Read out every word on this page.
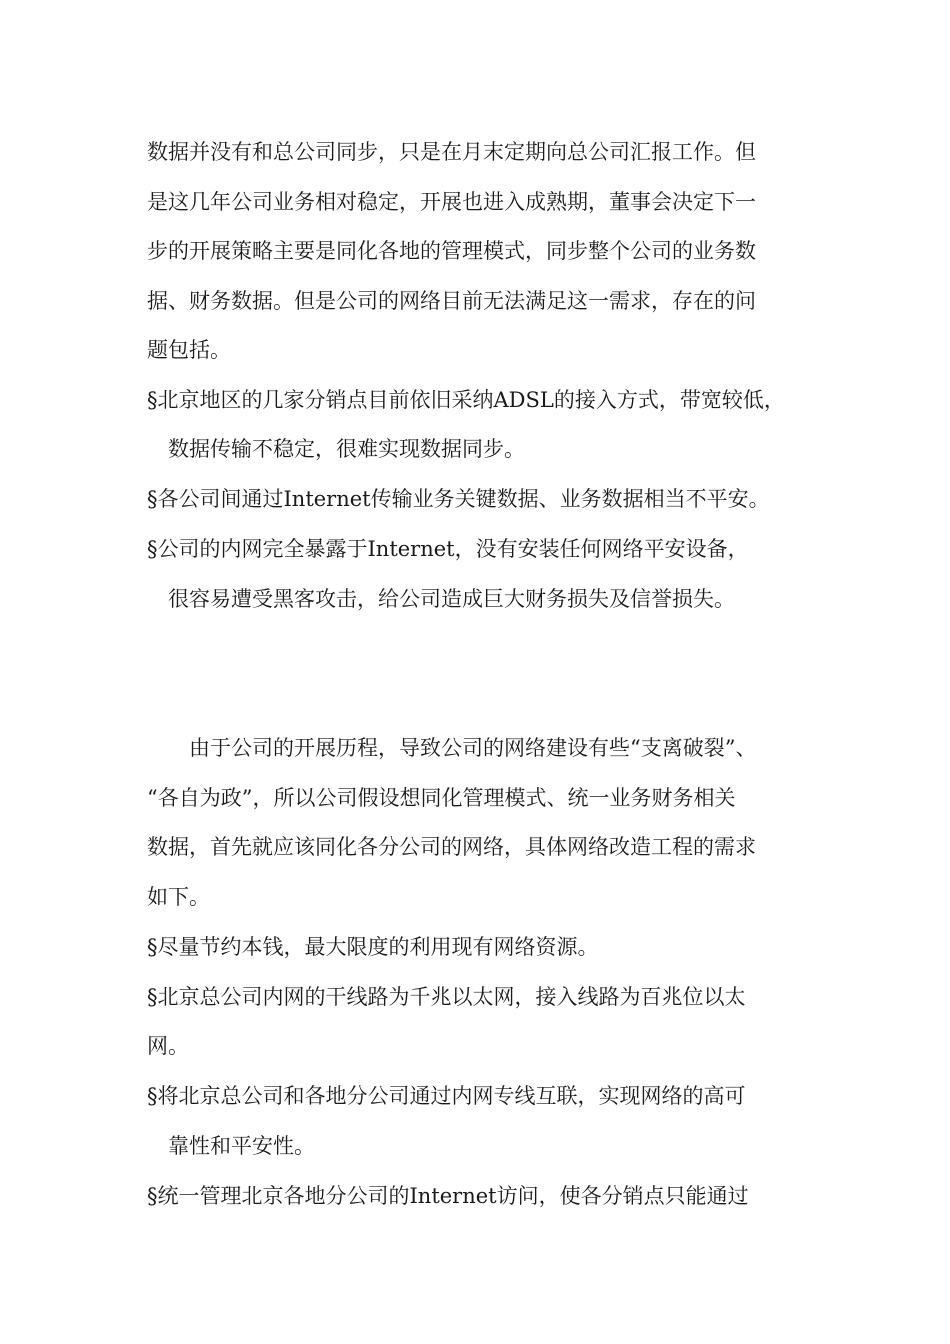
数据并没有和总公司同步，只是在月末定期向总公司汇报工作。但

是这几年公司业务相对稳定，开展也进入成熟期，董事会决定下一

步的开展策略主要是同化各地的管理模式，同步整个公司的业务数

据、财务数据。但是公司的网络目前无法满足这一需求，存在的问

题包括。

§北京地区的几家分销点目前依旧采纳ADSL的接入方式，带宽较低，

数据传输不稳定，很难实现数据同步。

§各公司间通过Internet传输业务关键数据、业务数据相当不平安。

§公司的内网完全暴露于Internet，没有安装任何网络平安设备，

很容易遭受黑客攻击，给公司造成巨大财务损失及信誉损失。

由于公司的开展历程，导致公司的网络建设有些“支离破裂”、

“各自为政”，所以公司假设想同化管理模式、统一业务财务相关

数据，首先就应该同化各分公司的网络，具体网络改造工程的需求

如下。

§尽量节约本钱，最大限度的利用现有网络资源。

§北京总公司内网的干线路为千兆以太网，接入线路为百兆位以太

网。

§将北京总公司和各地分公司通过内网专线互联，实现网络的高可

靠性和平安性。

§统一管理北京各地分公司的Internet访问，使各分销点只能通过
